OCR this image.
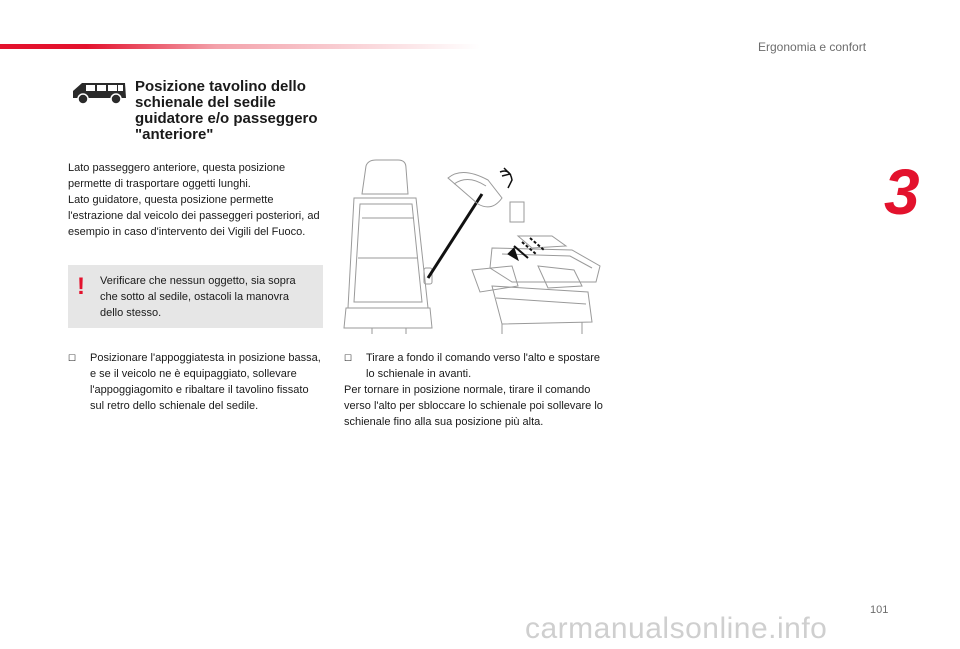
Ergonomia e confort
3
Posizione tavolino dello schienale del sedile guidatore e/o passeggero "anteriore"

Lato passeggero anteriore, questa posizione permette di trasportare oggetti lunghi.

Lato guidatore, questa posizione permette l'estrazione dal veicolo dei passeggeri posteriori, ad esempio in caso d'intervento dei Vigili del Fuoco.

! Verificare che nessun oggetto, sia sopra che sotto al sedile, ostacoli la manovra dello stesso.
☐ Posizionare l'appoggiatesta in posizione bassa, e se il veicolo ne è equipaggiato, sollevare l'appoggiagomito e ribaltare il tavolino fissato sul retro dello schienale del sedile.
☐ Tirare a fondo il comando verso l'alto e spostare lo schienale in avanti.
Per tornare in posizione normale, tirare il comando verso l'alto per sbloccare lo schienale poi sollevare lo schienale fino alla sua posizione più alta.
101
carmanualsonline.info
